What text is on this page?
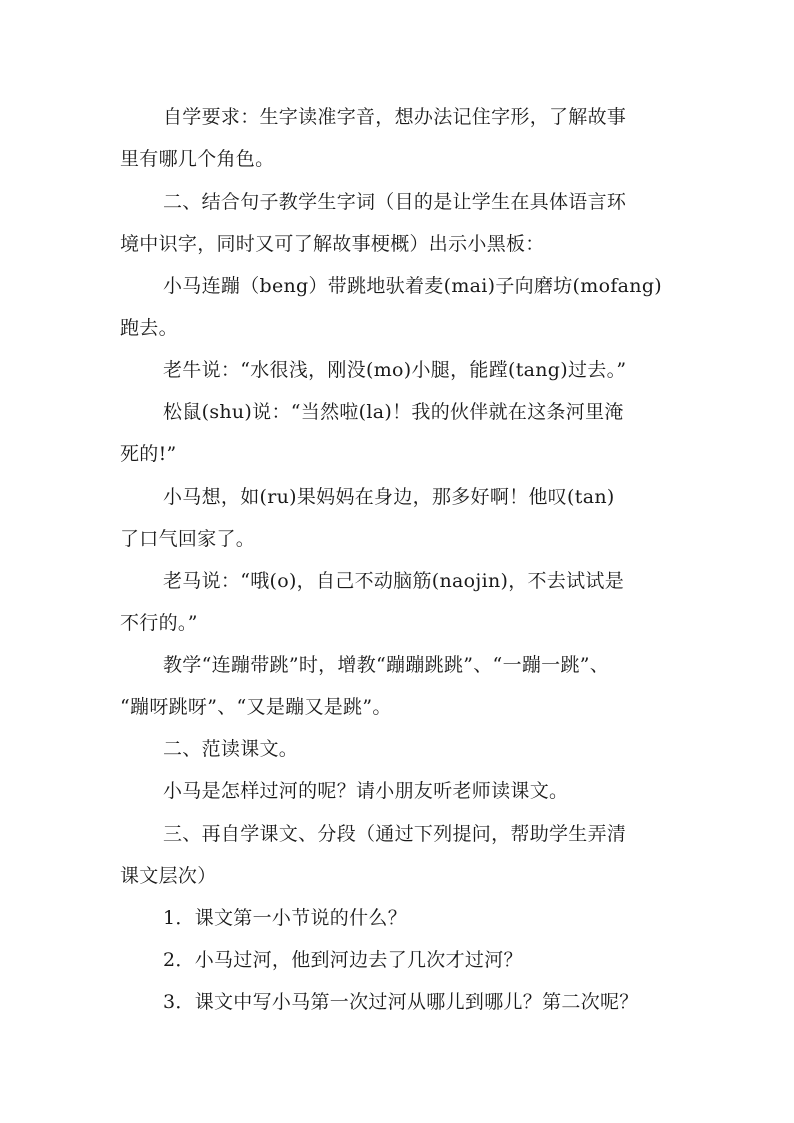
自学要求：生字读准字音，想办法记住字形，了解故事
里有哪几个角色。
二、结合句子教学生字词（目的是让学生在具体语言环
境中识字，同时又可了解故事梗概）出示小黑板：
小马连蹦（beng）带跳地驮着麦(mai)子向磨坊(mofang)
跑去。
老牛说：“水很浅，刚没(mo)小腿，能蹚(tang)过去。”
松鼠(shu)说：“当然啦(la)！我的伙伴就在这条河里淹
死的!”
小马想，如(ru)果妈妈在身边，那多好啊！他叹(tan)
了口气回家了。
老马说：“哦(o)，自己不动脑筋(naojin)，不去试试是
不行的。”
教学“连蹦带跳”时，增教“蹦蹦跳跳”、“一蹦一跳”、
“蹦呀跳呀”、“又是蹦又是跳”。
二、范读课文。
小马是怎样过河的呢？请小朋友听老师读课文。
三、再自学课文、分段（通过下列提问，帮助学生弄清
课文层次）
1．课文第一小节说的什么？
2．小马过河，他到河边去了几次才过河？
3．课文中写小马第一次过河从哪儿到哪儿？第二次呢？
